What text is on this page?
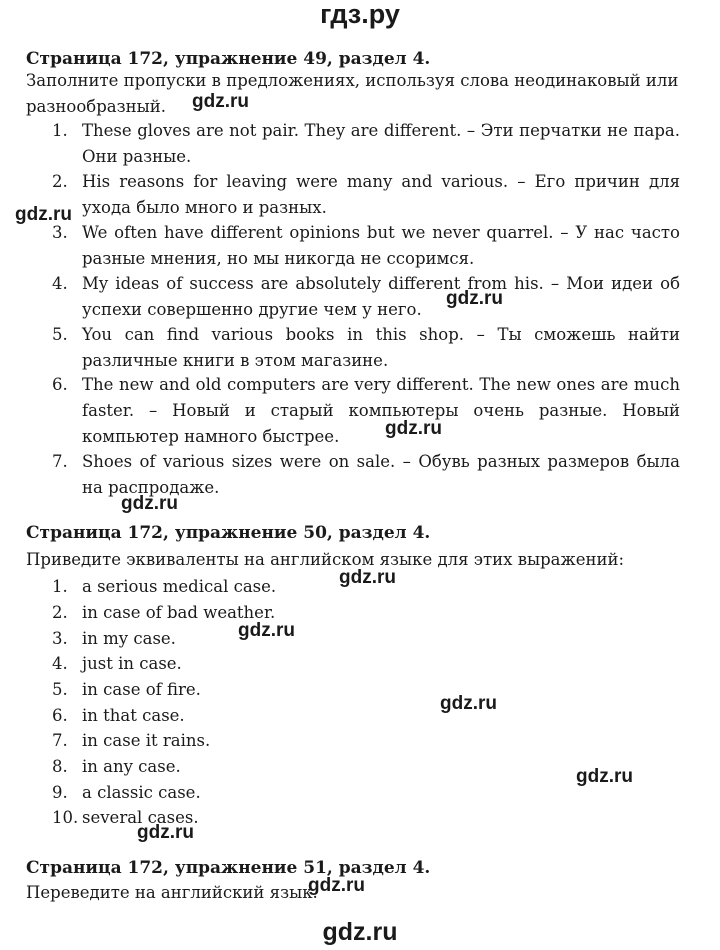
гдз.ру
Страница 172, упражнение 49, раздел 4.
Заполните пропуски в предложениях, используя слова неодинаковый или разнообразный.
1. These gloves are not pair. They are different. – Эти перчатки не пара. Они разные.
2. His reasons for leaving were many and various. – Его причин для ухода было много и разных.
3. We often have different opinions but we never quarrel. – У нас часто разные мнения, но мы никогда не ссоримся.
4. My ideas of success are absolutely different from his. – Мои идеи об успехи совершенно другие чем у него.
5. You can find various books in this shop. – Ты сможешь найти различные книги в этом магазине.
6. The new and old computers are very different. The new ones are much faster. – Новый и старый компьютеры очень разные. Новый компьютер намного быстрее.
7. Shoes of various sizes were on sale. – Обувь разных размеров была на распродаже.
Страница 172, упражнение 50, раздел 4.
Приведите эквиваленты на английском языке для этих выражений:
1. a serious medical case.
2. in case of bad weather.
3. in my case.
4. just in case.
5. in case of fire.
6. in that case.
7. in case it rains.
8. in any case.
9. a classic case.
10. several cases.
Страница 172, упражнение 51, раздел 4.
Переведите на английский язык.
gdz.ru
gdz.ru
gdz.ru
gdz.ru
gdz.ru
gdz.ru
gdz.ru
gdz.ru
gdz.ru
gdz.ru
gdz.ru
gdz.ru
